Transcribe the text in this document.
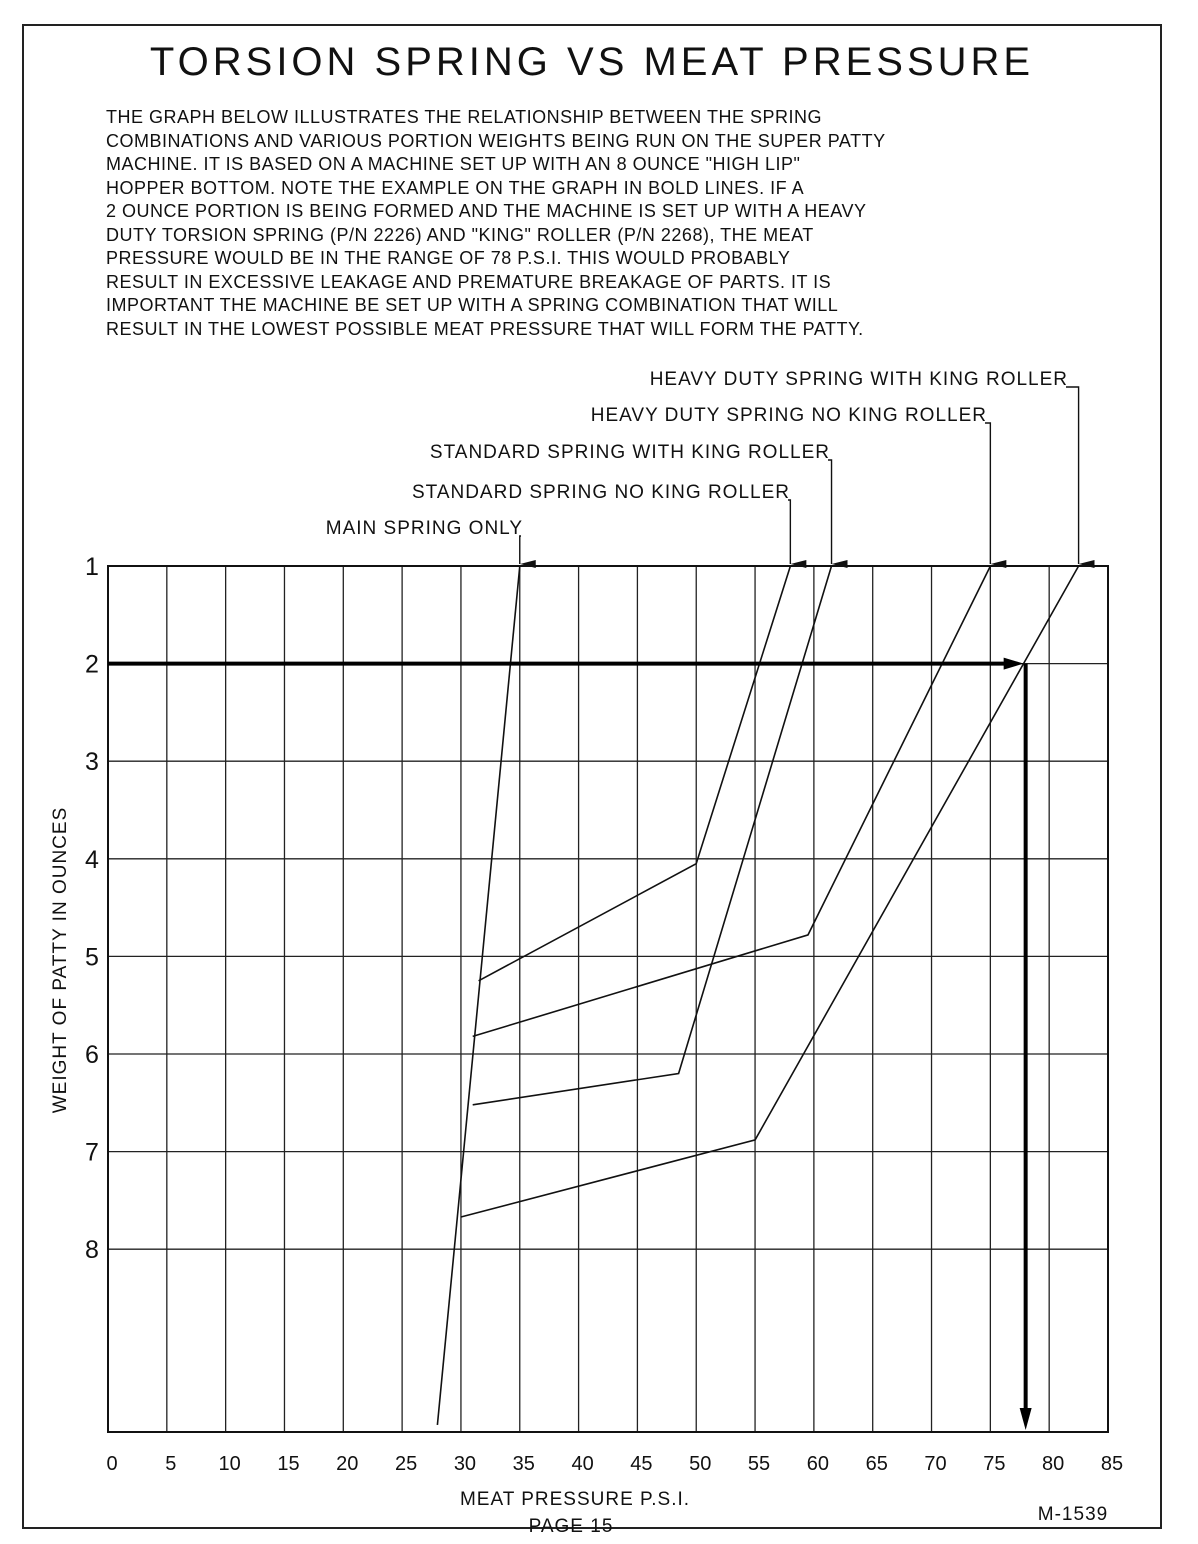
TORSION SPRING VS MEAT PRESSURE
THE GRAPH BELOW ILLUSTRATES THE RELATIONSHIP BETWEEN THE SPRING
COMBINATIONS AND VARIOUS PORTION WEIGHTS BEING RUN ON THE SUPER PATTY
MACHINE. IT IS BASED ON A MACHINE SET UP WITH AN 8 OUNCE "HIGH LIP"
HOPPER BOTTOM. NOTE THE EXAMPLE ON THE GRAPH IN BOLD LINES. IF A
2 OUNCE PORTION IS BEING FORMED AND THE MACHINE IS SET UP WITH A HEAVY
DUTY TORSION SPRING (P/N 2226) AND "KING" ROLLER (P/N 2268), THE MEAT
PRESSURE WOULD BE IN THE RANGE OF 78 P.S.I. THIS WOULD PROBABLY
RESULT IN EXCESSIVE LEAKAGE AND PREMATURE BREAKAGE OF PARTS. IT IS
IMPORTANT THE MACHINE BE SET UP WITH A SPRING COMBINATION THAT WILL
RESULT IN THE LOWEST POSSIBLE MEAT PRESSURE THAT WILL FORM THE PATTY.
MAIN SPRING ONLY
STANDARD SPRING NO KING ROLLER
STANDARD SPRING WITH KING ROLLER
HEAVY DUTY SPRING NO KING ROLLER
HEAVY DUTY SPRING WITH KING ROLLER
0 5 10 15 20 25 30 35 40 45 50 55 60 65 70 75 80 85
1
2
3
4
5
6
7
8
MEAT PRESSURE P.S.I.
WEIGHT OF PATTY IN OUNCES
PAGE 15
M-1539
